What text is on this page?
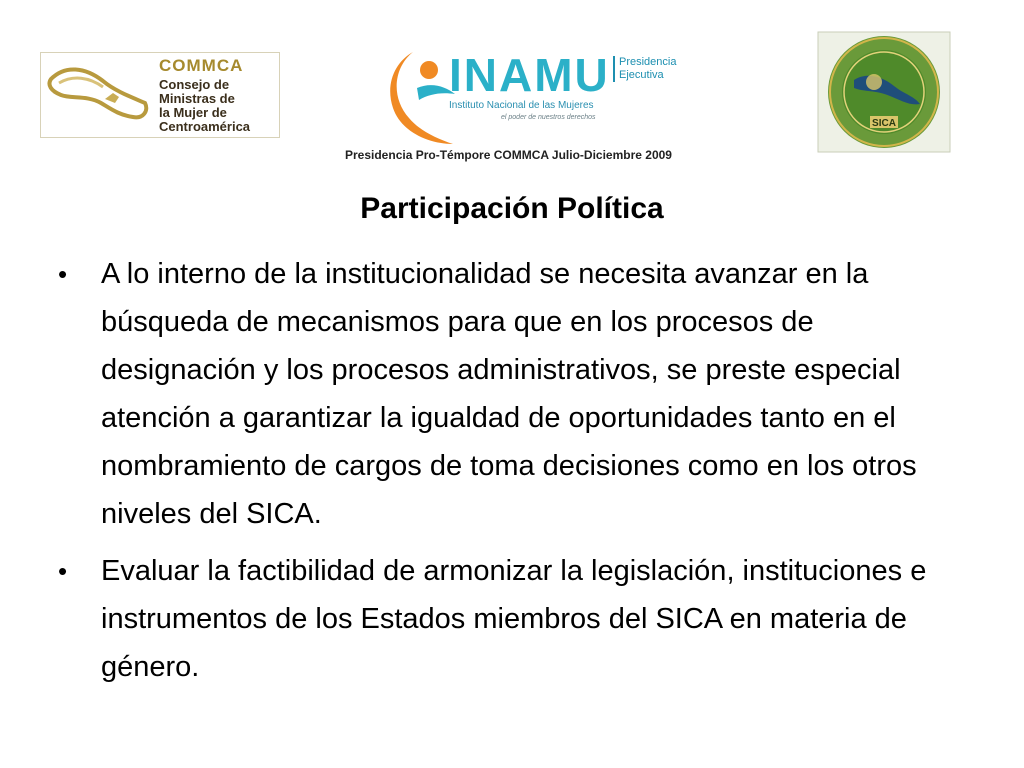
COMMCA
Consejo de
Ministras de
la Mujer de
Centroamérica
INAMU Presidencia
Ejecutiva
Instituto Nacional de las Mujeres
el poder de nuestros derechos
Presidencia Pro-Témpore COMMCA Julio-Diciembre 2009
SICA
Participación Política
• A lo interno de la institucionalidad se necesita avanzar en la búsqueda de mecanismos para que en los procesos de designación y los procesos administrativos, se preste especial atención a garantizar la igualdad de oportunidades tanto en el nombramiento de cargos de toma decisiones como en los otros niveles del SICA.
• Evaluar la factibilidad de armonizar la legislación, instituciones e instrumentos de los Estados miembros del SICA en materia de género.
